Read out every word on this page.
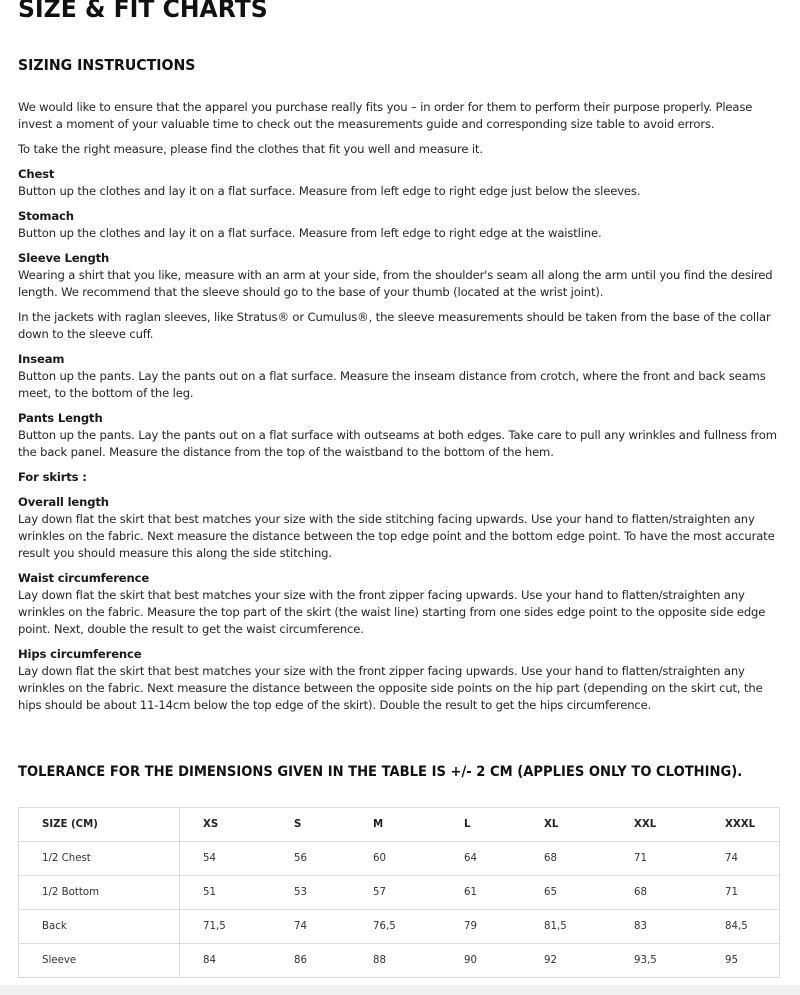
SIZE & FIT CHARTS
SIZING INSTRUCTIONS

We would like to ensure that the apparel you purchase really fits you – in order for them to perform their purpose properly. Please invest a moment of your valuable time to check out the measurements guide and corresponding size table to avoid errors.

To take the right measure, please find the clothes that fit you well and measure it.

Chest
Button up the clothes and lay it on a flat surface. Measure from left edge to right edge just below the sleeves.
Stomach
Button up the clothes and lay it on a flat surface. Measure from left edge to right edge at the waistline.
Sleeve Length
Wearing a shirt that you like, measure with an arm at your side, from the shoulder's seam all along the arm until you find the desired length. We recommend that the sleeve should go to the base of your thumb (located at the wrist joint).
In the jackets with raglan sleeves, like Stratus® or Cumulus®, the sleeve measurements should be taken from the base of the collar down to the sleeve cuff.
Inseam
Button up the pants. Lay the pants out on a flat surface. Measure the inseam distance from crotch, where the front and back seams meet, to the bottom of the leg.
Pants Length
Button up the pants. Lay the pants out on a flat surface with outseams at both edges. Take care to pull any wrinkles and fullness from the back panel. Measure the distance from the top of the waistband to the bottom of the hem.
For skirts :
Overall length
Lay down flat the skirt that best matches your size with the side stitching facing upwards. Use your hand to flatten/straighten any wrinkles on the fabric. Next measure the distance between the top edge point and the bottom edge point. To have the most accurate result you should measure this along the side stitching.
Waist circumference
Lay down flat the skirt that best matches your size with the front zipper facing upwards. Use your hand to flatten/straighten any wrinkles on the fabric. Measure the top part of the skirt (the waist line) starting from one sides edge point to the opposite side edge point. Next, double the result to get the waist circumference.
Hips circumference
Lay down flat the skirt that best matches your size with the front zipper facing upwards. Use your hand to flatten/straighten any wrinkles on the fabric. Next measure the distance between the opposite side points on the hip part (depending on the skirt cut, the hips should be about 11-14cm below the top edge of the skirt). Double the result to get the hips circumference.
TOLERANCE FOR THE DIMENSIONS GIVEN IN THE TABLE IS +/- 2 CM (APPLIES ONLY TO CLOTHING).
SIZE (CM)	XS	S	M	L	XL	XXL	XXXL
1/2 Chest	54	56	60	64	68	71	74
1/2 Bottom	51	53	57	61	65	68	71
Back	71,5	74	76,5	79	81,5	83	84,5
Sleeve	84	86	88	90	92	93,5	95
